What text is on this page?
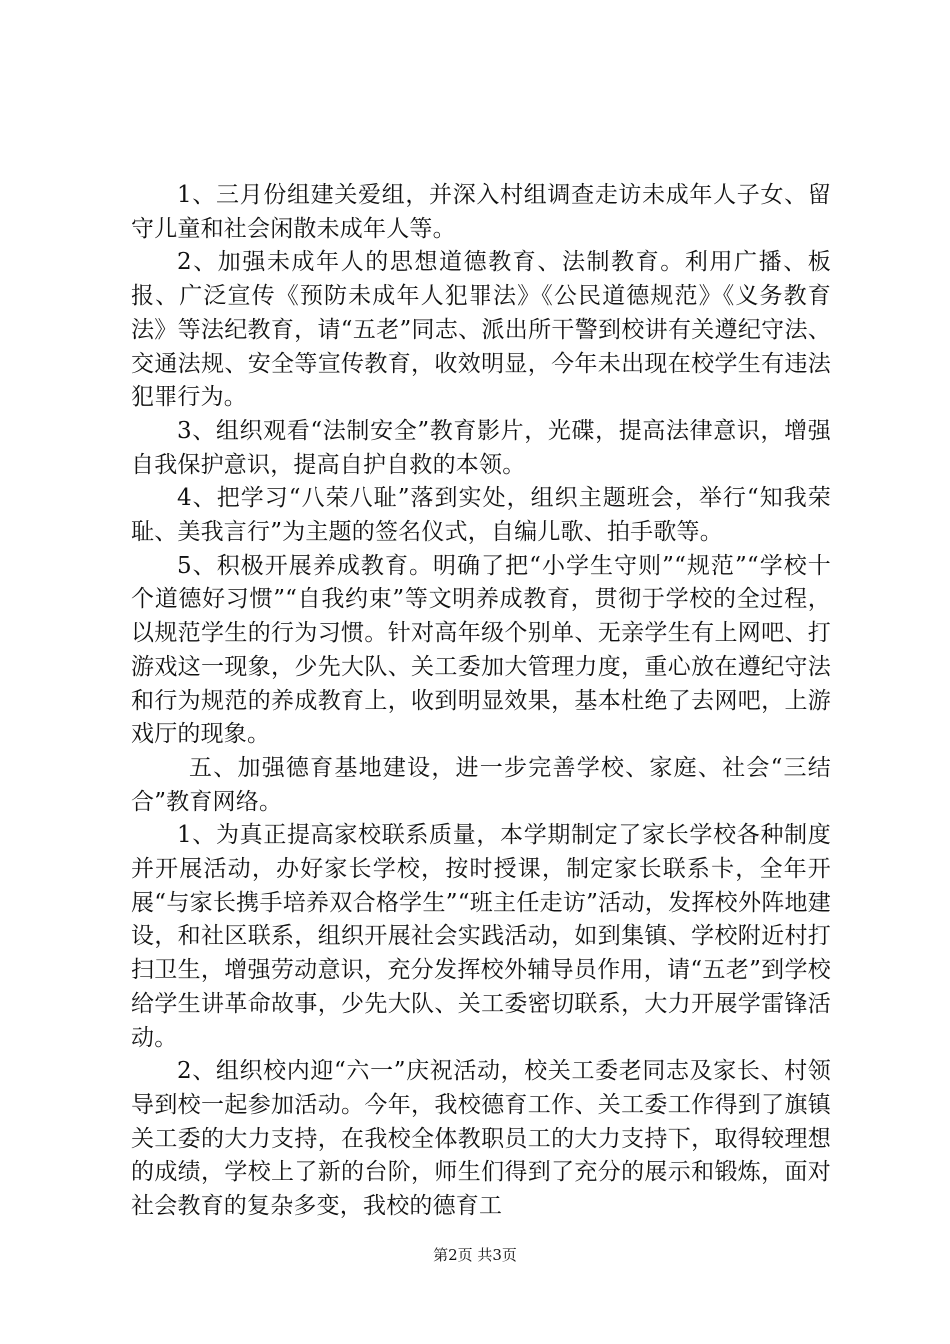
1、三月份组建关爱组，并深入村组调查走访未成年人子女、留守儿童和社会闲散未成年人等。

2、加强未成年人的思想道德教育、法制教育。利用广播、板报、广泛宣传《预防未成年人犯罪法》《公民道德规范》《义务教育法》等法纪教育，请“五老”同志、派出所干警到校讲有关遵纪守法、交通法规、安全等宣传教育，收效明显，今年未出现在校学生有违法犯罪行为。

3、组织观看“法制安全”教育影片，光碟，提高法律意识，增强自我保护意识，提高自护自救的本领。

4、把学习“八荣八耻”落到实处，组织主题班会，举行“知我荣耻、美我言行”为主题的签名仪式，自编儿歌、拍手歌等。

5、积极开展养成教育。明确了把“小学生守则”“规范”“学校十个道德好习惯”“自我约束”等文明养成教育，贯彻于学校的全过程，以规范学生的行为习惯。针对高年级个别单、无亲学生有上网吧、打游戏这一现象，少先大队、关工委加大管理力度，重心放在遵纪守法和行为规范的养成教育上，收到明显效果，基本杜绝了去网吧，上游戏厅的现象。

五、加强德育基地建设，进一步完善学校、家庭、社会“三结合”教育网络。

1、为真正提高家校联系质量，本学期制定了家长学校各种制度并开展活动，办好家长学校，按时授课，制定家长联系卡，全年开展“与家长携手培养双合格学生”“班主任走访”活动，发挥校外阵地建设，和社区联系，组织开展社会实践活动，如到集镇、学校附近村打扫卫生，增强劳动意识，充分发挥校外辅导员作用，请“五老”到学校给学生讲革命故事，少先大队、关工委密切联系，大力开展学雷锋活动。

2、组织校内迎“六一”庆祝活动，校关工委老同志及家长、村领导到校一起参加活动。今年，我校德育工作、关工委工作得到了旗镇关工委的大力支持，在我校全体教职员工的大力支持下，取得较理想的成绩，学校上了新的台阶，师生们得到了充分的展示和锻炼，面对社会教育的复杂多变，我校的德育工

第2页 共3页
